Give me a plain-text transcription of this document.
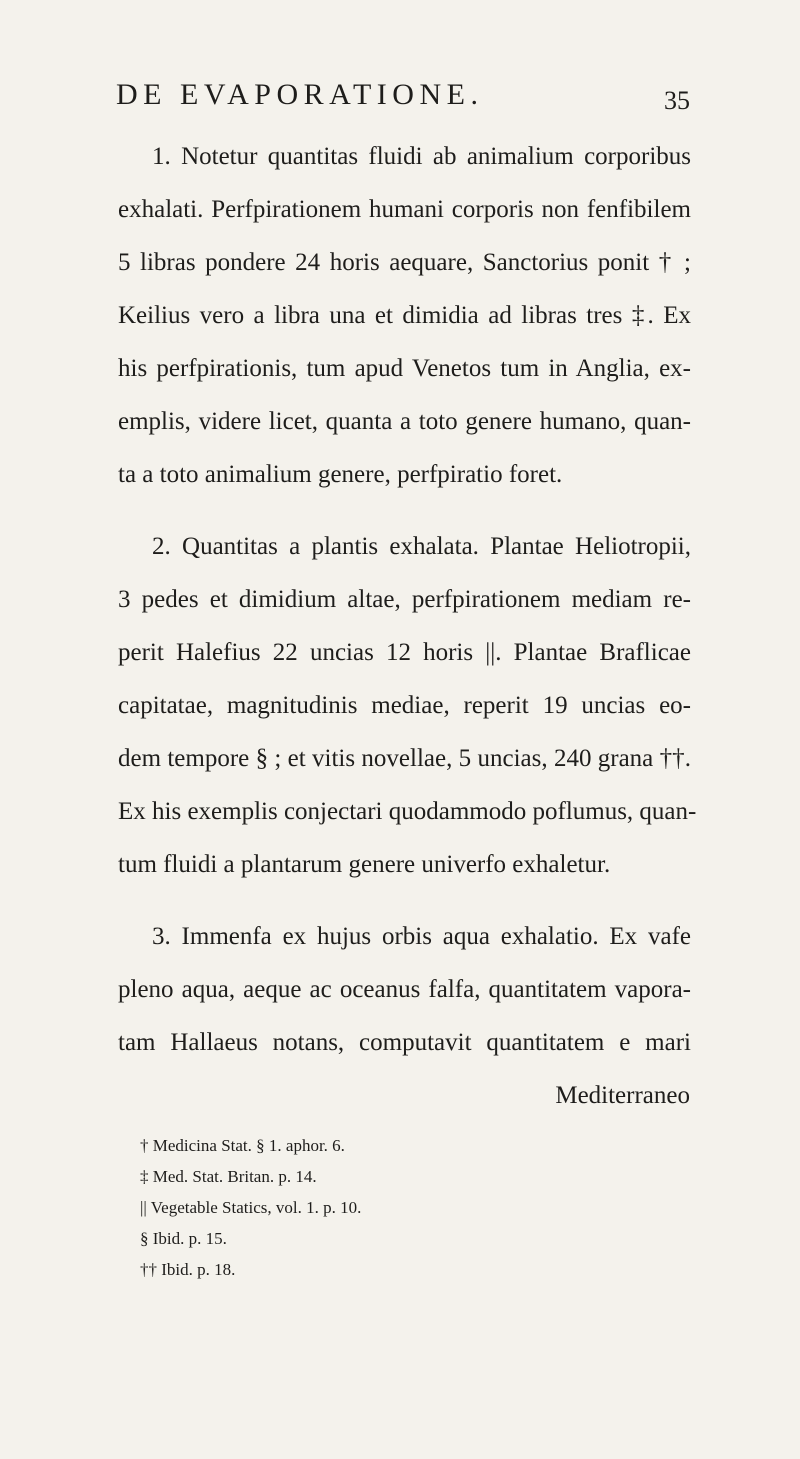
DE EVAPORATIONE.	35
1. Notetur quantitas fluidi ab animalium corporibus
exhalati. Perfpirationem humani corporis non fenfibilem
5 libras pondere 24 horis aequare, Sanctorius ponit † ;
Keilius vero a libra una et dimidia ad libras tres ‡. Ex
his perfpirationis, tum apud Venetos tum in Anglia, ex-
emplis, videre licet, quanta a toto genere humano, quan-
ta a toto animalium genere, perfpiratio foret.
2. Quantitas a plantis exhalata. Plantae Heliotropii,
3 pedes et dimidium altae, perfpirationem mediam re-
perit Halefius 22 uncias 12 horis ||. Plantae Braflicae
capitatae, magnitudinis mediae, reperit 19 uncias eo-
dem tempore § ; et vitis novellae, 5 uncias, 240 grana ††.
Ex his exemplis conjectari quodammodo poflumus, quan-
tum fluidi a plantarum genere univerfo exhaletur.
3. Immenfa ex hujus orbis aqua exhalatio. Ex vafe
pleno aqua, aeque ac oceanus falfa, quantitatem vapora-
tam Hallaeus notans, computavit quantitatem e mari
Mediterraneo
† Medicina Stat. § 1. aphor. 6.
‡ Med. Stat. Britan. p. 14.
|| Vegetable Statics, vol. 1. p. 10.
§ Ibid. p. 15.
†† Ibid. p. 18.
